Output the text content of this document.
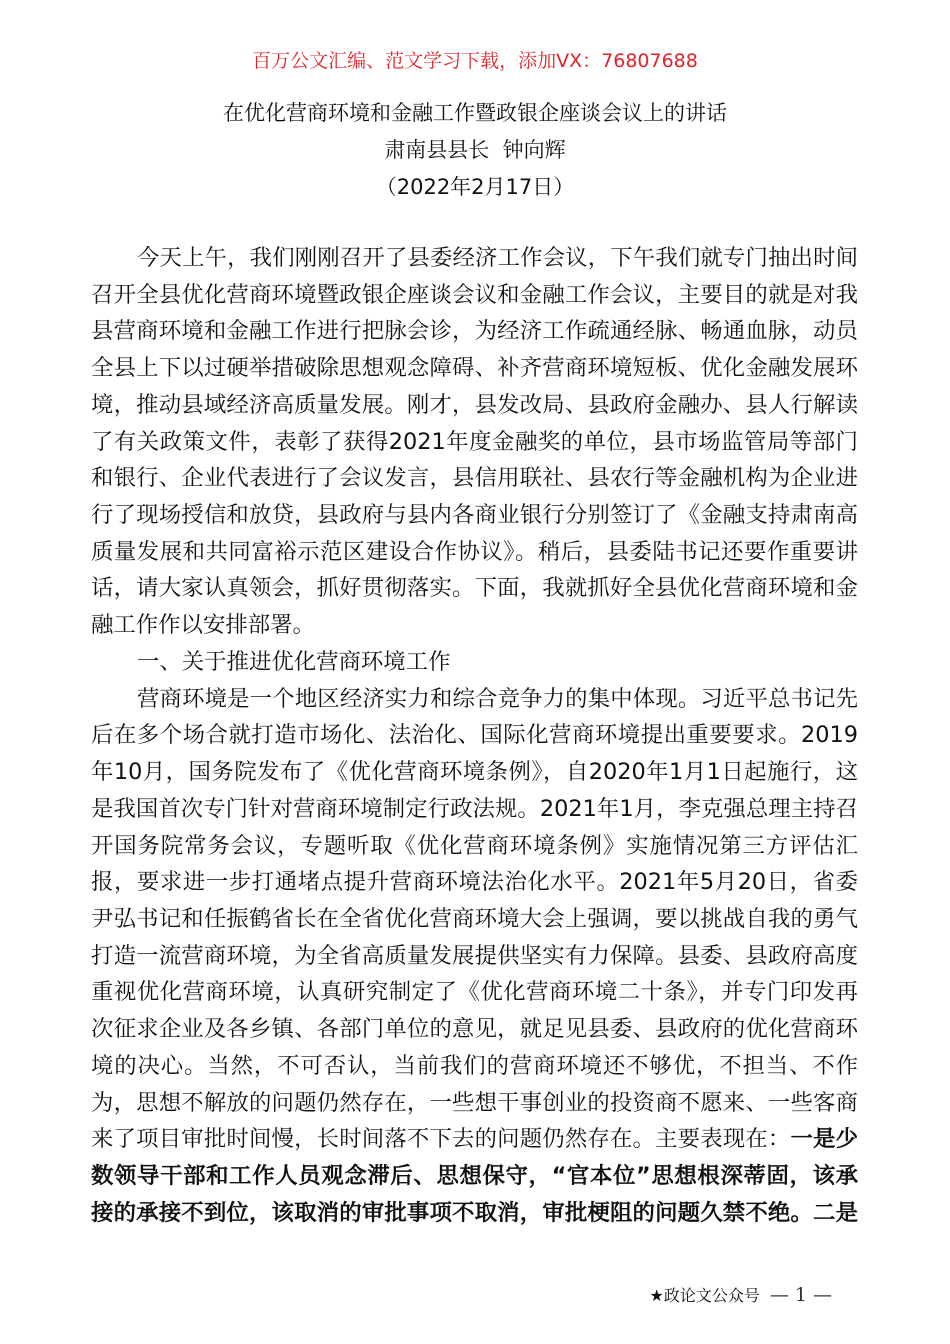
百万公文汇编、范文学习下载，添加VX：76807688
在优化营商环境和金融工作暨政银企座谈会议上的讲话
肃南县县长  钟向辉
（2022年2月17日）
今天上午，我们刚刚召开了县委经济工作会议，下午我们就专门抽出时间
召开全县优化营商环境暨政银企座谈会议和金融工作会议，主要目的就是对我
县营商环境和金融工作进行把脉会诊，为经济工作疏通经脉、畅通血脉，动员
全县上下以过硬举措破除思想观念障碍、补齐营商环境短板、优化金融发展环
境，推动县域经济高质量发展。刚才，县发改局、县政府金融办、县人行解读
了有关政策文件，表彰了获得2021年度金融奖的单位，县市场监管局等部门
和银行、企业代表进行了会议发言，县信用联社、县农行等金融机构为企业进
行了现场授信和放贷，县政府与县内各商业银行分别签订了《金融支持肃南高
质量发展和共同富裕示范区建设合作协议》。稍后，县委陆书记还要作重要讲
话，请大家认真领会，抓好贯彻落实。下面，我就抓好全县优化营商环境和金
融工作作以安排部署。
一、关于推进优化营商环境工作
营商环境是一个地区经济实力和综合竞争力的集中体现。习近平总书记先
后在多个场合就打造市场化、法治化、国际化营商环境提出重要要求。2019
年10月，国务院发布了《优化营商环境条例》，自2020年1月1日起施行，这
是我国首次专门针对营商环境制定行政法规。2021年1月，李克强总理主持召
开国务院常务会议，专题听取《优化营商环境条例》实施情况第三方评估汇
报，要求进一步打通堵点提升营商环境法治化水平。2021年5月20日，省委
尹弘书记和任振鹤省长在全省优化营商环境大会上强调，要以挑战自我的勇气
打造一流营商环境，为全省高质量发展提供坚实有力保障。县委、县政府高度
重视优化营商环境，认真研究制定了《优化营商环境二十条》，并专门印发再
次征求企业及各乡镇、各部门单位的意见，就足见县委、县政府的优化营商环
境的决心。当然，不可否认，当前我们的营商环境还不够优，不担当、不作
为，思想不解放的问题仍然存在，一些想干事创业的投资商不愿来、一些客商
来了项目审批时间慢，长时间落不下去的问题仍然存在。主要表现在：一是少
数领导干部和工作人员观念滞后、思想保守，“官本位”思想根深蒂固，该承
接的承接不到位，该取消的审批事项不取消，审批梗阻的问题久禁不绝。二是
★政论文公众号 — 1 —
